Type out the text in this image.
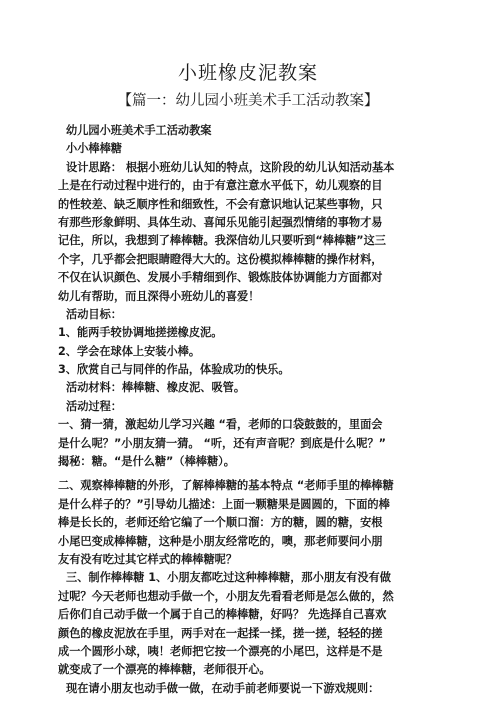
小班橡皮泥教案
【篇一：幼儿园小班美术手工活动教案】
幼儿园小班美术手工活动教案
小小棒棒糖
设计思路： 根据小班幼儿认知的特点，这阶段的幼儿认知活动基本
上是在行动过程中进行的，由于有意注意水平低下，幼儿观察的目
的性较差、缺乏顺序性和细致性，不会有意识地认记某些事物，只
有那些形象鲜明、具体生动、喜闻乐见能引起强烈情绪的事物才易
记住，所以，我想到了棒棒糖。我深信幼儿只要听到“棒棒糖”这三
个字，几乎都会把眼睛瞪得大大的。这份模拟棒棒糖的操作材料，
不仅在认识颜色、发展小手精细到作、锻炼肢体协调能力方面都对
幼儿有帮助，而且深得小班幼儿的喜爱！
活动目标：
1、能两手较协调地搓搓橡皮泥。
2、学会在球体上安装小棒。
3、欣赏自己与同伴的作品，体验成功的快乐。
活动材料：棒棒糖、橡皮泥、吸管。
活动过程：
一、猜一猜，激起幼儿学习兴趣 “看，老师的口袋鼓鼓的，里面会
是什么呢？”小朋友猜一猜。 “听，还有声音呢？到底是什么呢？”
揭秘：糖。“是什么糖”（棒棒糖）。
二、观察棒棒糖的外形，了解棒棒糖的基本特点 “老师手里的棒棒糖
是什么样子的？”引导幼儿描述：上面一颗糖果是圆圆的，下面的棒
棒是长长的，老师还给它编了一个顺口溜：方的糖，圆的糖，安根
小尾巴变成棒棒糖，这种是小朋友经常吃的，噢，那老师要问小朋
友有没有吃过其它样式的棒棒糖呢？
三、制作棒棒糖 1、小朋友都吃过这种棒棒糖，那小朋友有没有做
过呢？今天老师也想动手做一个，小朋友先看看老师是怎么做的，然
后你们自己动手做一个属于自己的棒棒糖，好吗？ 先选择自己喜欢
颜色的橡皮泥放在手里，两手对在一起揉一揉，搓一搓，轻轻的搓
成一个圆形小球，咦！老师把它按一个漂亮的小尾巴，这样是不是
就变成了一个漂亮的棒棒糖，老师很开心。
现在请小朋友也动手做一做，在动手前老师要说一下游戏规则：
